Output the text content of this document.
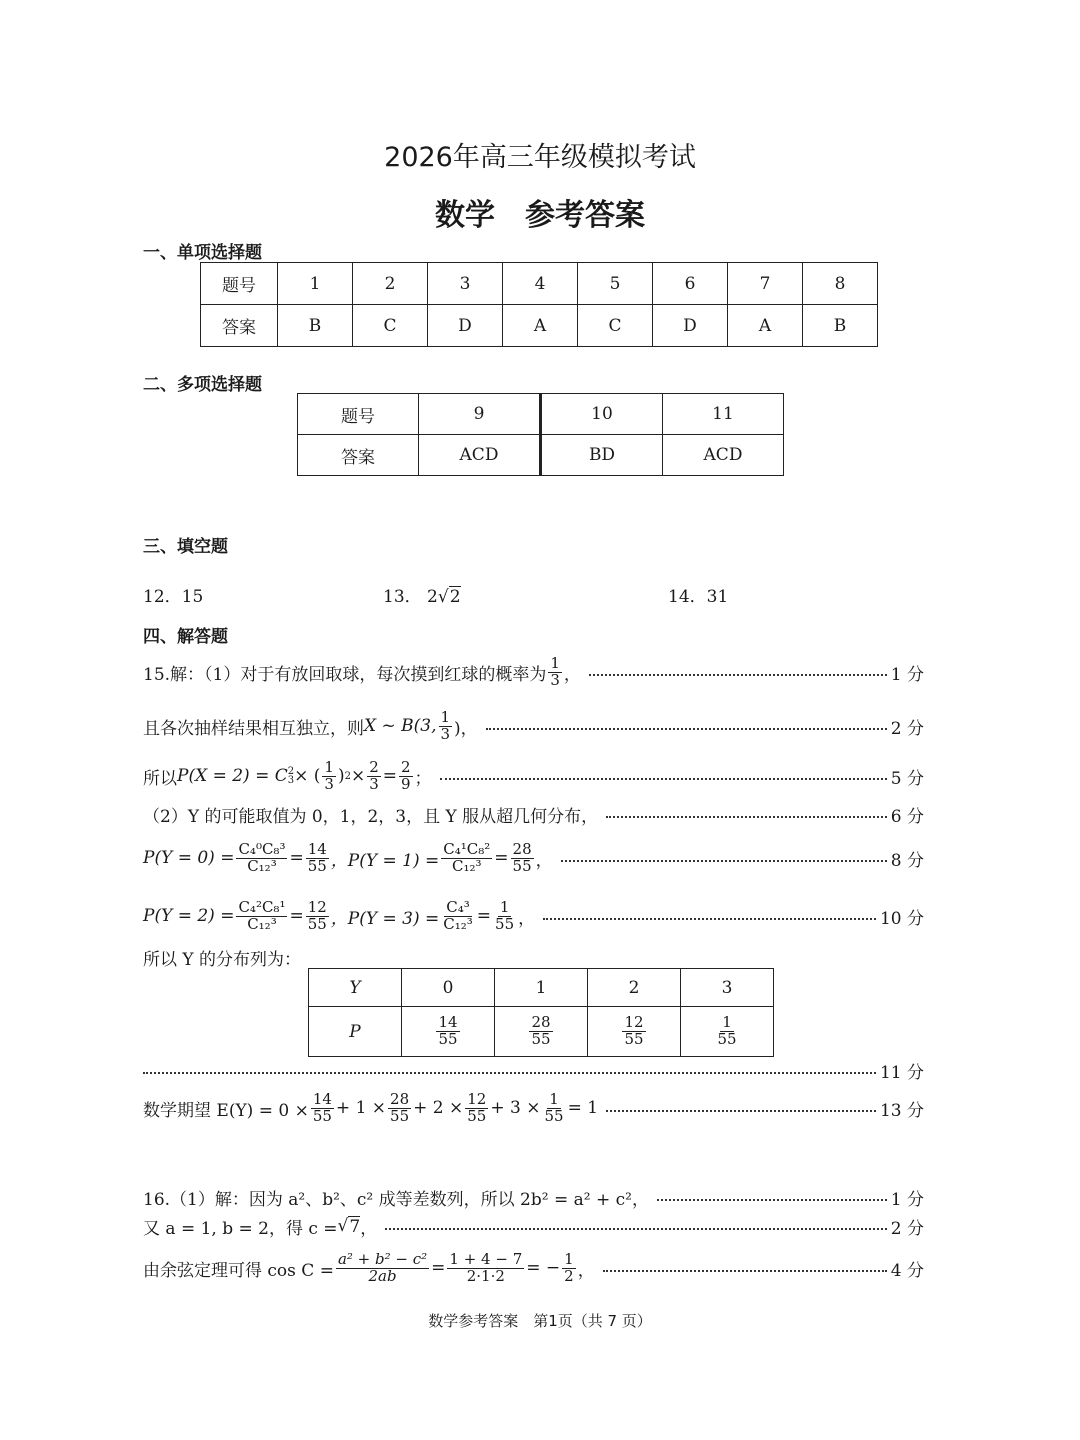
2026年高三年级模拟考试
数学　参考答案
一、单项选择题
题号	1	2	3	4	5	6	7	8
答案	B	C	D	A	C	D	A	B
二、多项选择题
题号	9	10	11
答案	ACD	BD	ACD
三、填空题
12．15	13． 2√2	14．31
四、解答题
15.解：（1）对于有放回取球，每次摸到红球的概率为 $\frac{1}{3}$ ，	1 分
且各次抽样结果相互独立，则 X ~ B(3, $\frac{1}{3}$ )，	2 分
所以 P(X = 2) = C 2
3 × ( $\frac{1}{3}$ ) $2 \times \frac{2}{3} = \frac{2}{9}$ ；	5 分
（2）Y 的可能取值为 0，1，2，3，且 Y 服从超几何分布，	6 分
$P(Y = 0) = \frac{\text{C₄⁰C₈³}}{\text{C₁₂³}} = \frac{14}{55}$ ，$P(Y = 1) = \frac{\text{C₄¹C₈²}}{\text{C₁₂³}} = \frac{28}{55}$ ，	8 分
$P(Y = 2) = \frac{\text{C₄²C₈¹}}{\text{C₁₂³}} = \frac{12}{55}$ ，$P(Y = 3) = \frac{\text{C₄³}}{\text{C₁₂³}} = \frac{1}{55}$ ，	10 分
所以 Y 的分布列为：
Y	0	1	2	3
P	$\frac{14}{55}$	$\frac{28}{55}$	$\frac{12}{55}$	$\frac{1}{55}$
11 分
数学期望 $E(Y) = 0 \times \frac{14}{55} + 1 \times \frac{28}{55} + 2 \times \frac{12}{55} + 3 \times \frac{1}{55} = 1$	13 分
16.（1）解：因为 a²、b²、c² 成等差数列，所以 2b² = a² + c²，	1 分
又 a = 1, b = 2，得 c = √ 7 ，	2 分
由余弦定理可得 $\cos C = \frac{\text{a² + b² − c²}}{2ab} = \frac{1 + 4 - 7}{2\cdot 1\cdot 2}$ = − $\frac{1}{2}$ ，	4 分
数学参考答案　第1页（共 7 页）
